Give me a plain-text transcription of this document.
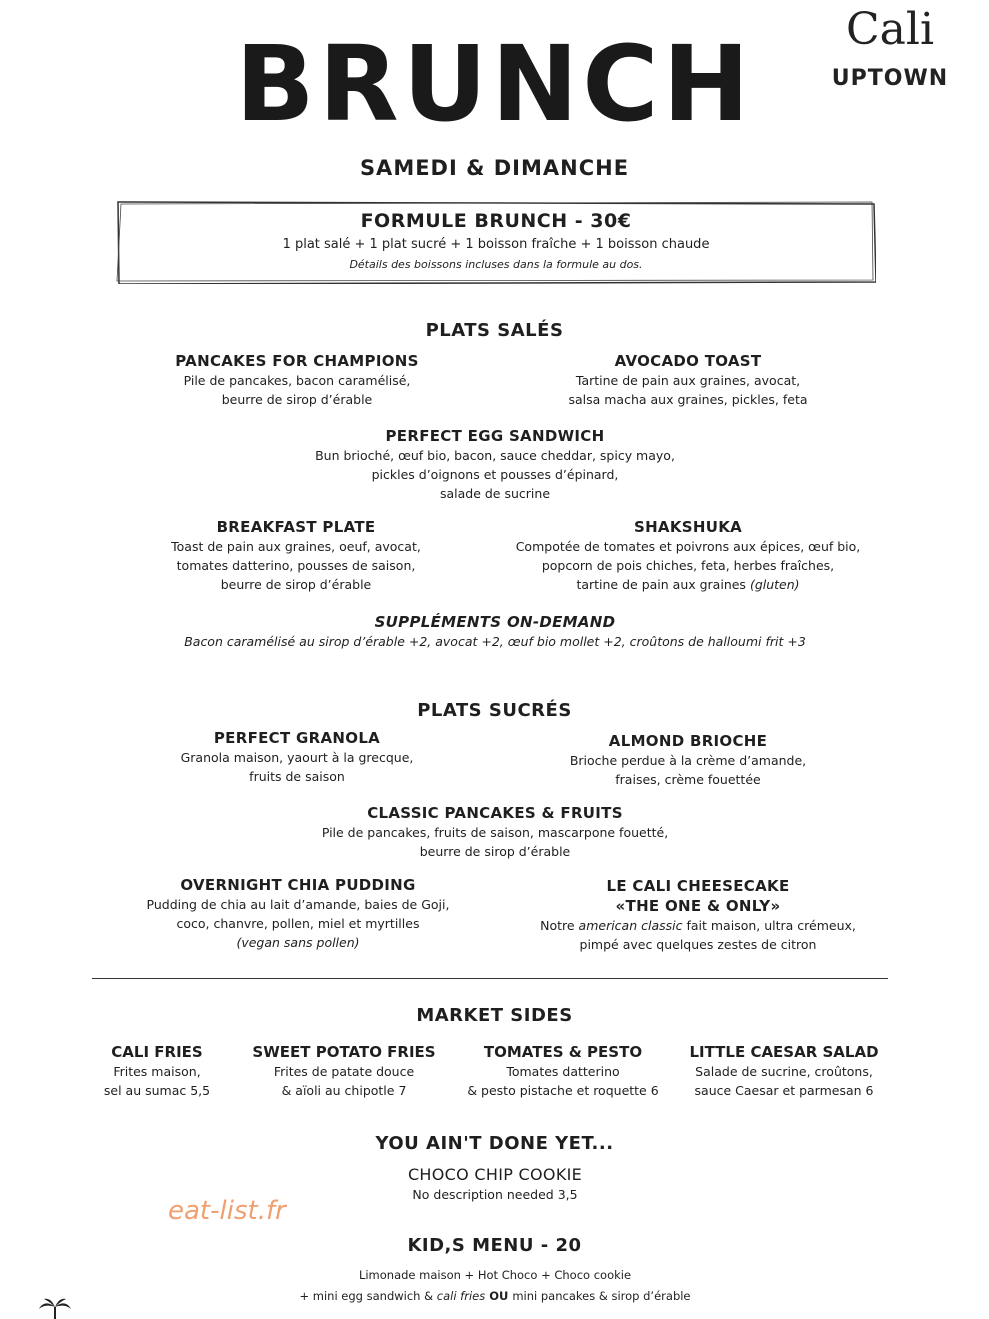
BRUNCH	Cali
UPTOWN
SAMEDI & DIMANCHE
FORMULE BRUNCH - 30€
1 plat salé + 1 plat sucré + 1 boisson fraîche + 1 boisson chaude
Détails des boissons incluses dans la formule au dos.
PLATS SALÉS
PANCAKES FOR CHAMPIONS
Pile de pancakes, bacon caramélisé,
beurre de sirop d’érable
AVOCADO TOAST
Tartine de pain aux graines, avocat,
salsa macha aux graines, pickles, feta
PERFECT EGG SANDWICH
Bun brioché, œuf bio, bacon, sauce cheddar, spicy mayo,
pickles d’oignons et pousses d’épinard,
salade de sucrine
BREAKFAST PLATE
Toast de pain aux graines, oeuf, avocat,
tomates datterino, pousses de saison,
beurre de sirop d’érable
SHAKSHUKA
Compotée de tomates et poivrons aux épices, œuf bio,
popcorn de pois chiches, feta, herbes fraîches,
tartine de pain aux graines (gluten)
SUPPLÉMENTS ON-DEMAND
Bacon caramélisé au sirop d’érable +2, avocat +2, œuf bio mollet +2, croûtons de halloumi frit +3
PLATS SUCRÉS
PERFECT GRANOLA
Granola maison, yaourt à la grecque,
fruits de saison
ALMOND BRIOCHE
Brioche perdue à la crème d’amande,
fraises, crème fouettée
CLASSIC PANCAKES & FRUITS
Pile de pancakes, fruits de saison, mascarpone fouetté,
beurre de sirop d’érable
OVERNIGHT CHIA PUDDING
Pudding de chia au lait d’amande, baies de Goji,
coco, chanvre, pollen, miel et myrtilles
(vegan sans pollen)
LE CALI CHEESECAKE
«THE ONE & ONLY»
Notre american classic fait maison, ultra crémeux,
pimpé avec quelques zestes de citron
MARKET SIDES
CALI FRIES
Frites maison,
sel au sumac 5,5
SWEET POTATO FRIES
Frites de patate douce
& aïoli au chipotle 7
TOMATES & PESTO
Tomates datterino
& pesto pistache et roquette 6
LITTLE CAESAR SALAD
Salade de sucrine, croûtons,
sauce Caesar et parmesan 6
YOU AIN'T DONE YET...
CHOCO CHIP COOKIE
No description needed 3,5
KID,S MENU - 20
Limonade maison + Hot Choco + Choco cookie
+ mini egg sandwich & cali fries OU mini pancakes & sirop d’érable
eat-list.fr
